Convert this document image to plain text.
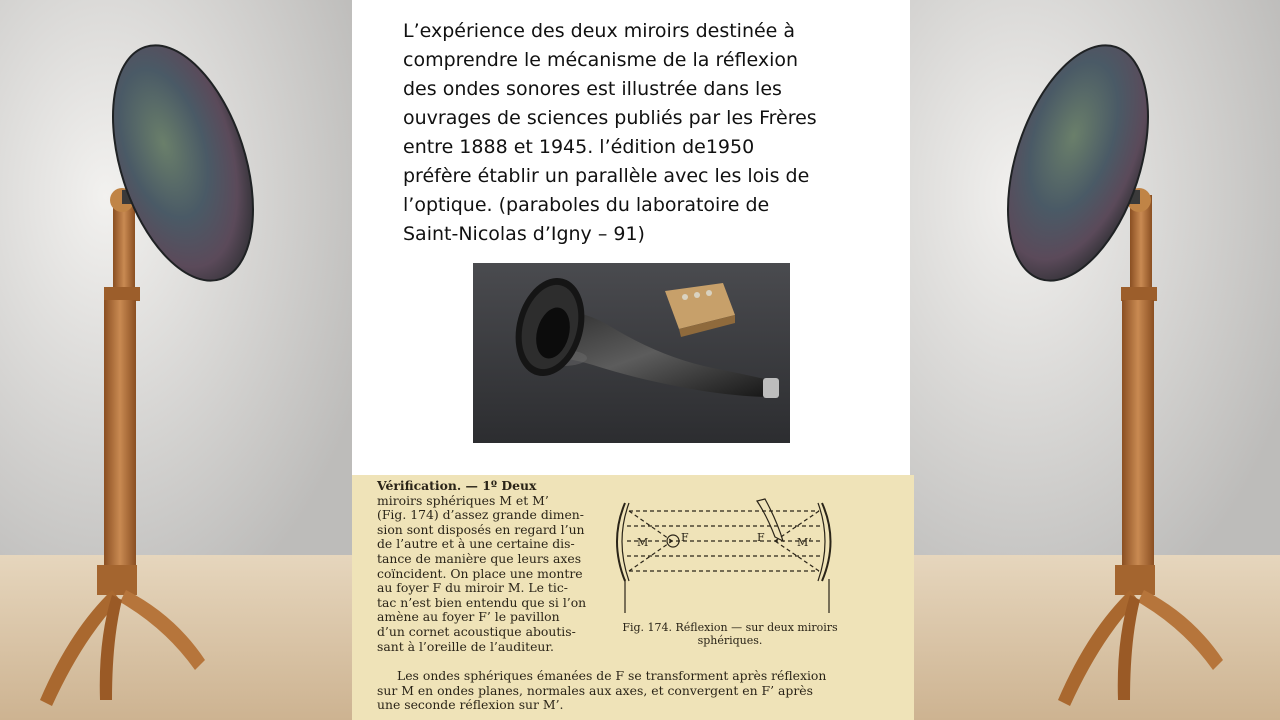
L’expérience des deux miroirs destinée à
comprendre le mécanisme de la réflexion
des ondes sonores est illustrée dans les
ouvrages de sciences publiés par les Frères
entre 1888 et 1945. l’édition de1950
préfère établir un parallèle avec les lois de
l’optique. (paraboles du laboratoire de
Saint-Nicolas d’Igny – 91)

Vérification. — 1º Deux
miroirs sphériques M et M’
(Fig. 174) d’assez grande dimen-
sion sont disposés en regard l’un
de l’autre et à une certaine dis-
tance de manière que leurs axes
coïncident. On place une montre
au foyer F du miroir M. Le tic-
tac n’est bien entendu que si l’on
amène au foyer F’ le pavillon
d’un cornet acoustique aboutis-
sant à l’oreille de l’auditeur.
M	F	F	M’
Fig. 174. Réflexion — sur deux miroirs
sphériques.
Les ondes sphériques émanées de F se transforment après réflexion
sur M en ondes planes, normales aux axes, et convergent en F’ après
une seconde réflexion sur M’.
